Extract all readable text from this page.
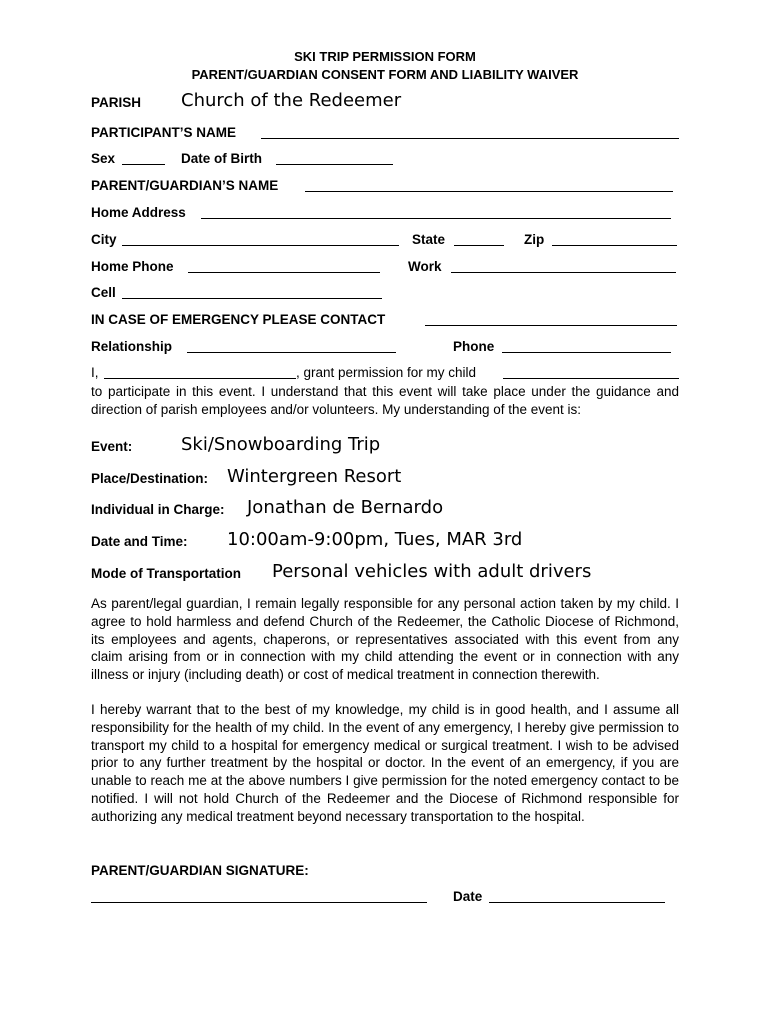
SKI TRIP PERMISSION FORM
PARENT/GUARDIAN CONSENT FORM AND LIABILITY WAIVER
PARISH Church of the Redeemer
PARTICIPANT’S NAME
Sex	Date of Birth
PARENT/GUARDIAN’S NAME
Home Address
City	State	Zip
Home Phone	Work
Cell
IN CASE OF EMERGENCY PLEASE CONTACT
Relationship	Phone
I,	, grant permission for my child

to participate in this event. I understand that this event will take place under the guidance and direction of parish employees and/or volunteers. My understanding of the event is:

Event:	Ski/Snowboarding Trip
Place/Destination: Wintergreen Resort
Individual in Charge: Jonathan de Bernardo
Date and Time: 10:00am-9:00pm, Tues, MAR 3rd
Mode of Transportation Personal vehicles with adult drivers

As parent/legal guardian, I remain legally responsible for any personal action taken by my child. I agree to hold harmless and defend Church of the Redeemer, the Catholic Diocese of Richmond, its employees and agents, chaperons, or representatives associated with this event from any claim arising from or in connection with my child attending the event or in connection with any illness or injury (including death) or cost of medical treatment in connection therewith.

I hereby warrant that to the best of my knowledge, my child is in good health, and I assume all responsibility for the health of my child. In the event of any emergency, I hereby give permission to transport my child to a hospital for emergency medical or surgical treatment. I wish to be advised prior to any further treatment by the hospital or doctor. In the event of an emergency, if you are unable to reach me at the above numbers I give permission for the noted emergency contact to be notified. I will not hold Church of the Redeemer and the Diocese of Richmond responsible for authorizing any medical treatment beyond necessary transportation to the hospital.

PARENT/GUARDIAN SIGNATURE:
Date
